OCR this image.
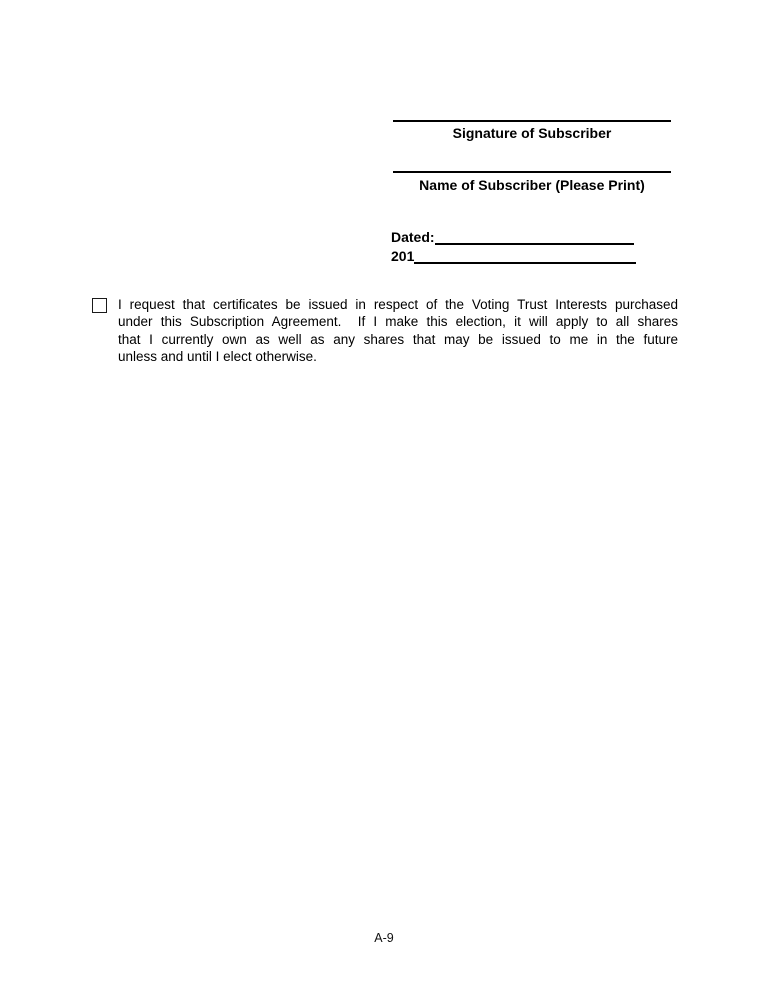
Signature of Subscriber
Name of Subscriber (Please Print)
Dated:
201
I request that certificates be issued in respect of the Voting Trust Interests purchased
under this Subscription Agreement.  If I make this election, it will apply to all shares
that I currently own as well as any shares that may be issued to me in the future
unless and until I elect otherwise.
A-9
